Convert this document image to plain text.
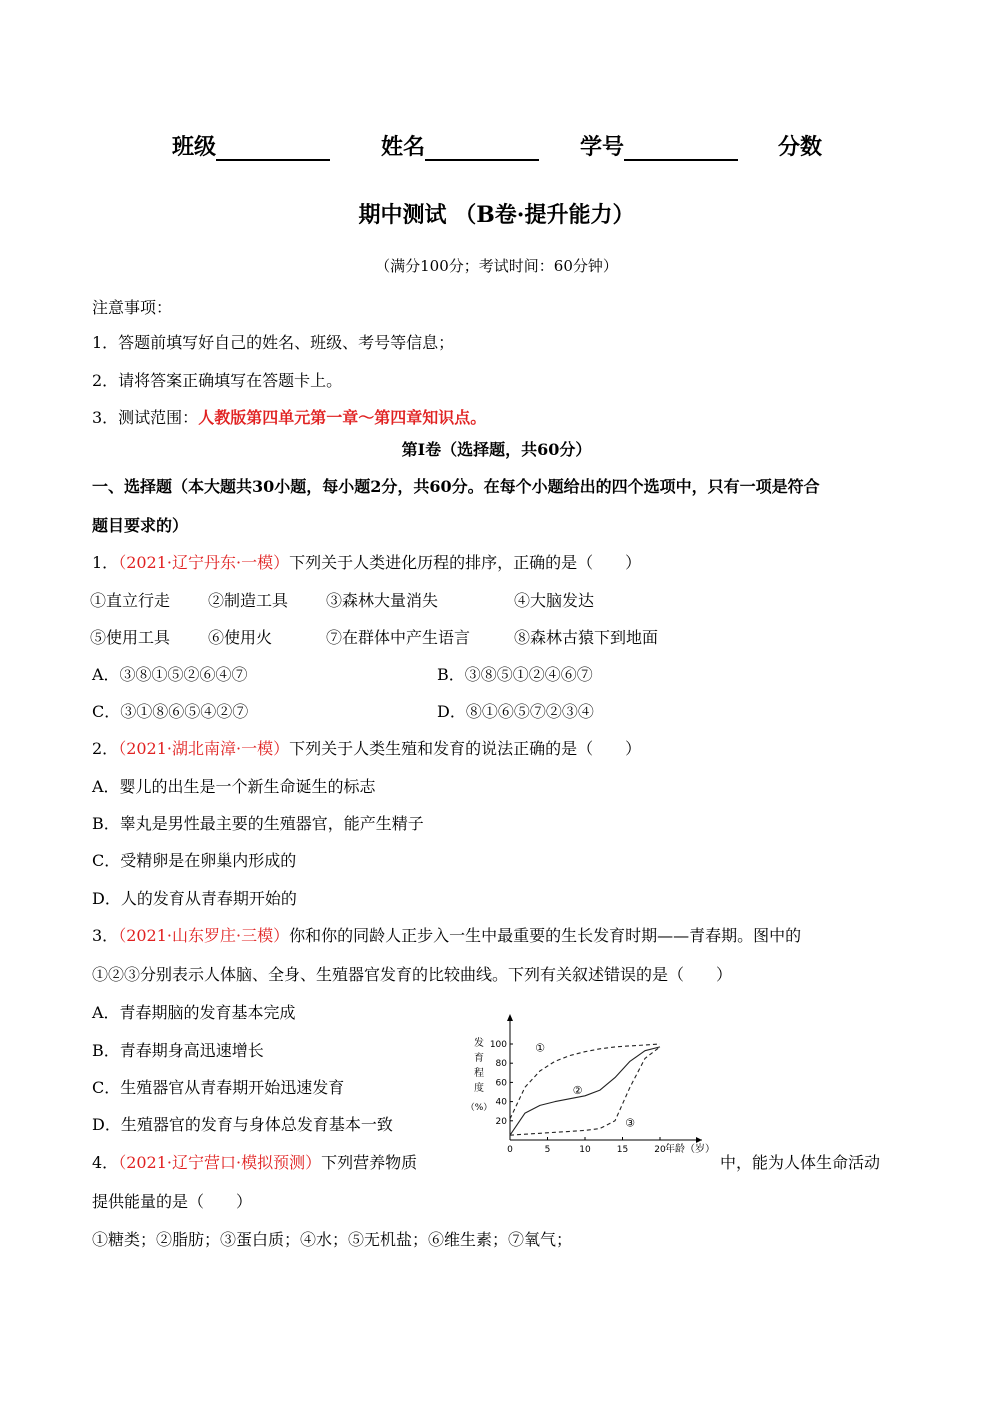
班级	姓名	学号	分数
期中测试 （B卷·提升能力）
（满分100分；考试时间：60分钟）
注意事项：
1．答题前填写好自己的姓名、班级、考号等信息；
2．请将答案正确填写在答题卡上。
3．测试范围：人教版第四单元第一章～第四章知识点。
第Ⅰ卷（选择题，共60分）
一、选择题（本大题共30小题，每小题2分，共60分。在每个小题给出的四个选项中，只有一项是符合
题目要求的）
1．（2021·辽宁丹东·一模）下列关于人类进化历程的排序，正确的是（　　）
①直立行走 ②制造工具 ③森林大量消失	④大脑发达
⑤使用工具 ⑥使用火	⑦在群体中产生语言	⑧森林古猿下到地面
A．③⑧①⑤②⑥④⑦	B．③⑧⑤①②④⑥⑦
C．③①⑧⑥⑤④②⑦	D．⑧①⑥⑤⑦②③④
2．（2021·湖北南漳·一模）下列关于人类生殖和发育的说法正确的是（　　）
A．婴儿的出生是一个新生命诞生的标志
B．睾丸是男性最主要的生殖器官，能产生精子
C．受精卵是在卵巢内形成的
D．人的发育从青春期开始的
3．（2021·山东罗庄·三模）你和你的同龄人正步入一生中最重要的生长发育时期——青春期。图中的
①②③分别表示人体脑、全身、生殖器官发育的比较曲线。下列有关叙述错误的是（　　）
A．青春期脑的发育基本完成
B．青春期身高迅速增长
C．生殖器官从青春期开始迅速发育
D．生殖器官的发育与身体总发育基本一致
0	5	10	15	20
20
40
60
80
100	①
②
③
发
育
程
度
（%）
年龄（岁）
4．（2021·辽宁营口·模拟预测）下列营养物质	中，能为人体生命活动
提供能量的是（　　）
①糖类；②脂肪；③蛋白质；④水；⑤无机盐；⑥维生素；⑦氧气；
